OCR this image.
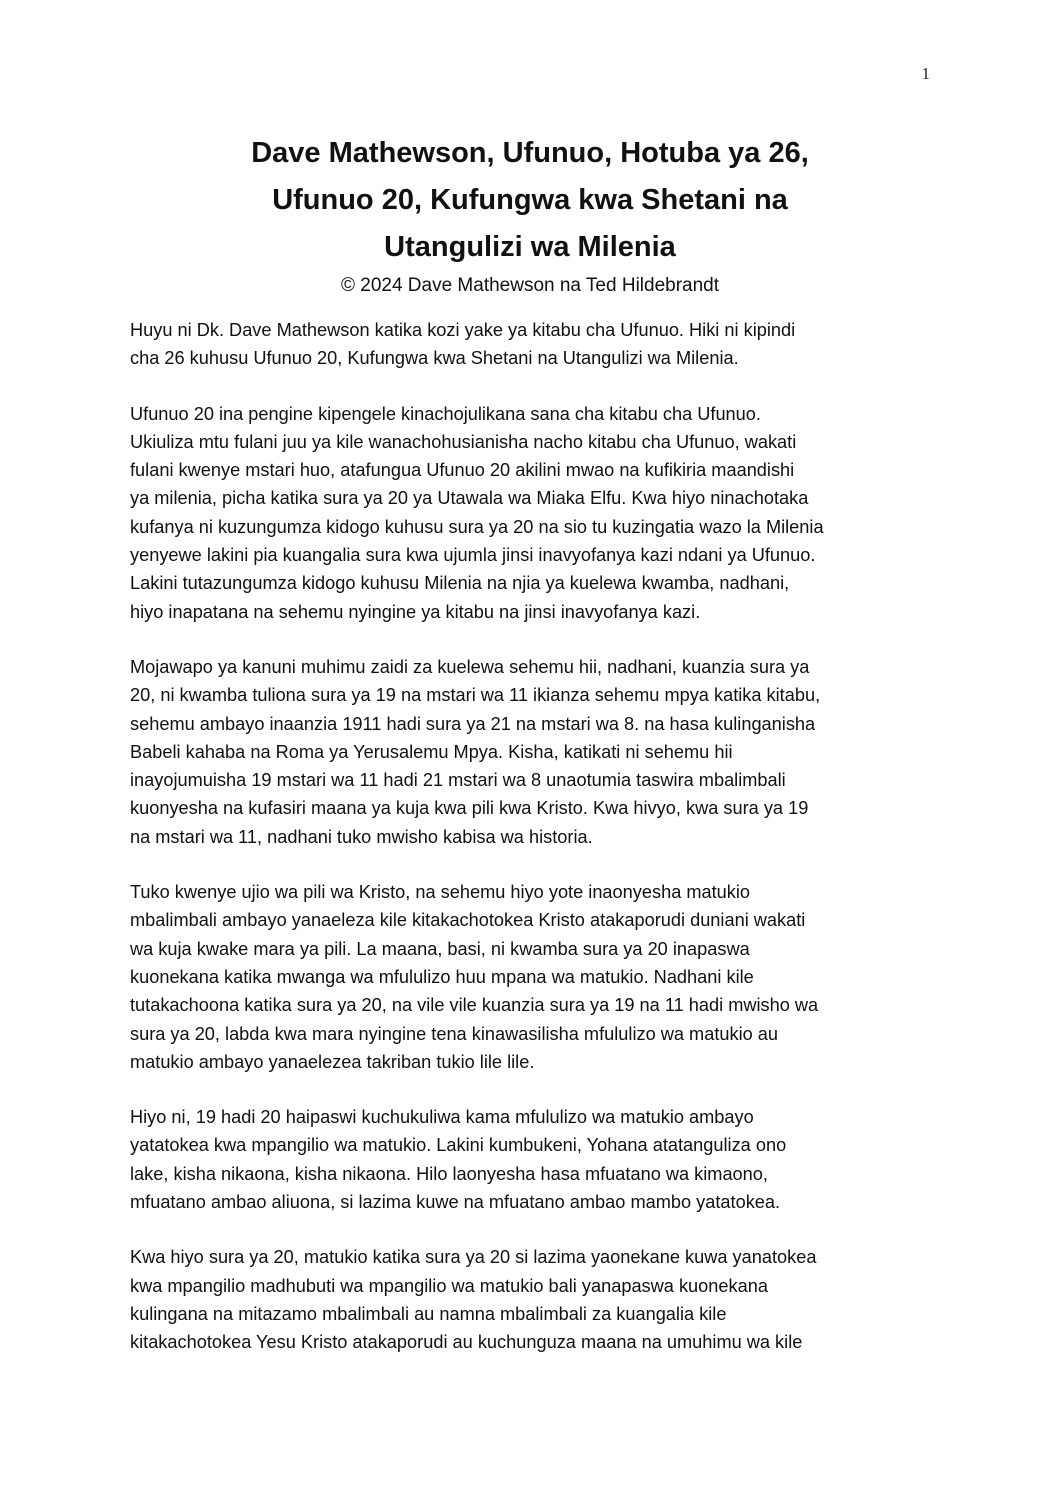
1
Dave Mathewson, Ufunuo, Hotuba ya 26,
Ufunuo 20, Kufungwa kwa Shetani na
Utangulizi wa Milenia
© 2024 Dave Mathewson na Ted Hildebrandt
Huyu ni Dk. Dave Mathewson katika kozi yake ya kitabu cha Ufunuo. Hiki ni kipindi
cha 26 kuhusu Ufunuo 20, Kufungwa kwa Shetani na Utangulizi wa Milenia.
Ufunuo 20 ina pengine kipengele kinachojulikana sana cha kitabu cha Ufunuo.
Ukiuliza mtu fulani juu ya kile wanachohusianisha nacho kitabu cha Ufunuo, wakati
fulani kwenye mstari huo, atafungua Ufunuo 20 akilini mwao na kufikiria maandishi
ya milenia, picha katika sura ya 20 ya Utawala wa Miaka Elfu. Kwa hiyo ninachotaka
kufanya ni kuzungumza kidogo kuhusu sura ya 20 na sio tu kuzingatia wazo la Milenia
yenyewe lakini pia kuangalia sura kwa ujumla jinsi inavyofanya kazi ndani ya Ufunuo.
Lakini tutazungumza kidogo kuhusu Milenia na njia ya kuelewa kwamba, nadhani,
hiyo inapatana na sehemu nyingine ya kitabu na jinsi inavyofanya kazi.
Mojawapo ya kanuni muhimu zaidi za kuelewa sehemu hii, nadhani, kuanzia sura ya
20, ni kwamba tuliona sura ya 19 na mstari wa 11 ikianza sehemu mpya katika kitabu,
sehemu ambayo inaanzia 1911 hadi sura ya 21 na mstari wa 8. na hasa kulinganisha
Babeli kahaba na Roma ya Yerusalemu Mpya. Kisha, katikati ni sehemu hii
inayojumuisha 19 mstari wa 11 hadi 21 mstari wa 8 unaotumia taswira mbalimbali
kuonyesha na kufasiri maana ya kuja kwa pili kwa Kristo. Kwa hivyo, kwa sura ya 19
na mstari wa 11, nadhani tuko mwisho kabisa wa historia.
Tuko kwenye ujio wa pili wa Kristo, na sehemu hiyo yote inaonyesha matukio
mbalimbali ambayo yanaeleza kile kitakachotokea Kristo atakaporudi duniani wakati
wa kuja kwake mara ya pili. La maana, basi, ni kwamba sura ya 20 inapaswa
kuonekana katika mwanga wa mfululizo huu mpana wa matukio. Nadhani kile
tutakachoona katika sura ya 20, na vile vile kuanzia sura ya 19 na 11 hadi mwisho wa
sura ya 20, labda kwa mara nyingine tena kinawasilisha mfululizo wa matukio au
matukio ambayo yanaelezea takriban tukio lile lile.
Hiyo ni, 19 hadi 20 haipaswi kuchukuliwa kama mfululizo wa matukio ambayo
yatatokea kwa mpangilio wa matukio. Lakini kumbukeni, Yohana atatanguliza ono
lake, kisha nikaona, kisha nikaona. Hilo laonyesha hasa mfuatano wa kimaono,
mfuatano ambao aliuona, si lazima kuwe na mfuatano ambao mambo yatatokea.
Kwa hiyo sura ya 20, matukio katika sura ya 20 si lazima yaonekane kuwa yanatokea
kwa mpangilio madhubuti wa mpangilio wa matukio bali yanapaswa kuonekana
kulingana na mitazamo mbalimbali au namna mbalimbali za kuangalia kile
kitakachotokea Yesu Kristo atakaporudi au kuchunguza maana na umuhimu wa kile
